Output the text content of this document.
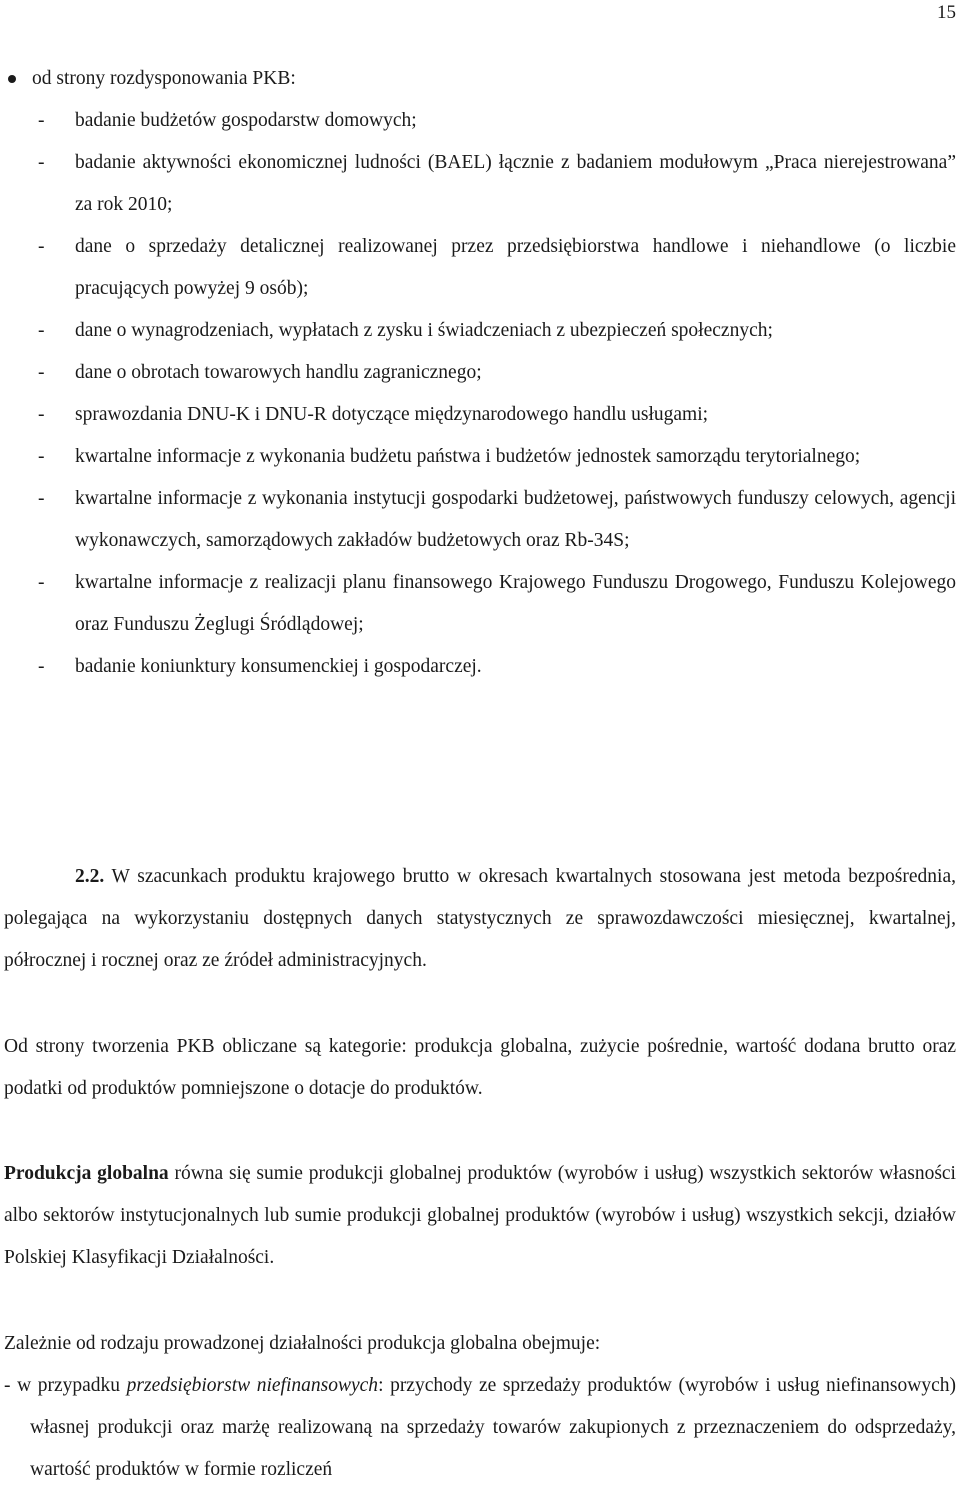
15
od strony rozdysponowania PKB:
- badanie budżetów gospodarstw domowych;
- badanie aktywności ekonomicznej ludności (BAEL) łącznie z badaniem modułowym „Praca nierejestrowana” za rok 2010;
- dane o sprzedaży detalicznej realizowanej przez przedsiębiorstwa handlowe i niehandlowe (o liczbie pracujących powyżej 9 osób);
- dane o wynagrodzeniach, wypłatach z zysku i świadczeniach z ubezpieczeń społecznych;
- dane o obrotach towarowych handlu zagranicznego;
- sprawozdania DNU-K i DNU-R dotyczące międzynarodowego handlu usługami;
- kwartalne informacje z wykonania budżetu państwa i budżetów jednostek samorządu terytorialnego;
- kwartalne informacje z wykonania instytucji gospodarki budżetowej, państwowych funduszy celowych, agencji wykonawczych, samorządowych zakładów budżetowych oraz Rb-34S;
- kwartalne informacje z realizacji planu finansowego Krajowego Funduszu Drogowego, Funduszu Kolejowego oraz Funduszu Żeglugi Śródlądowej;
- badanie koniunktury konsumenckiej i gospodarczej.

2.2. W szacunkach produktu krajowego brutto w okresach kwartalnych stosowana jest metoda bezpośrednia, polegająca na wykorzystaniu dostępnych danych statystycznych ze sprawozdawczości miesięcznej, kwartalnej, półrocznej i rocznej oraz ze źródeł administracyjnych.

Od strony tworzenia PKB obliczane są kategorie: produkcja globalna, zużycie pośrednie, wartość dodana brutto oraz podatki od produktów pomniejszone o dotacje do produktów.

Produkcja globalna równa się sumie produkcji globalnej produktów (wyrobów i usług) wszystkich sektorów własności albo sektorów instytucjonalnych lub sumie produkcji globalnej produktów (wyrobów i usług) wszystkich sekcji, działów Polskiej Klasyfikacji Działalności.

Zależnie od rodzaju prowadzonej działalności produkcja globalna obejmuje:

- w przypadku przedsiębiorstw niefinansowych: przychody ze sprzedaży produktów (wyrobów i usług niefinansowych) własnej produkcji oraz marżę realizowaną na sprzedaży towarów zakupionych z przeznaczeniem do odsprzedaży, wartość produktów w formie rozliczeń
